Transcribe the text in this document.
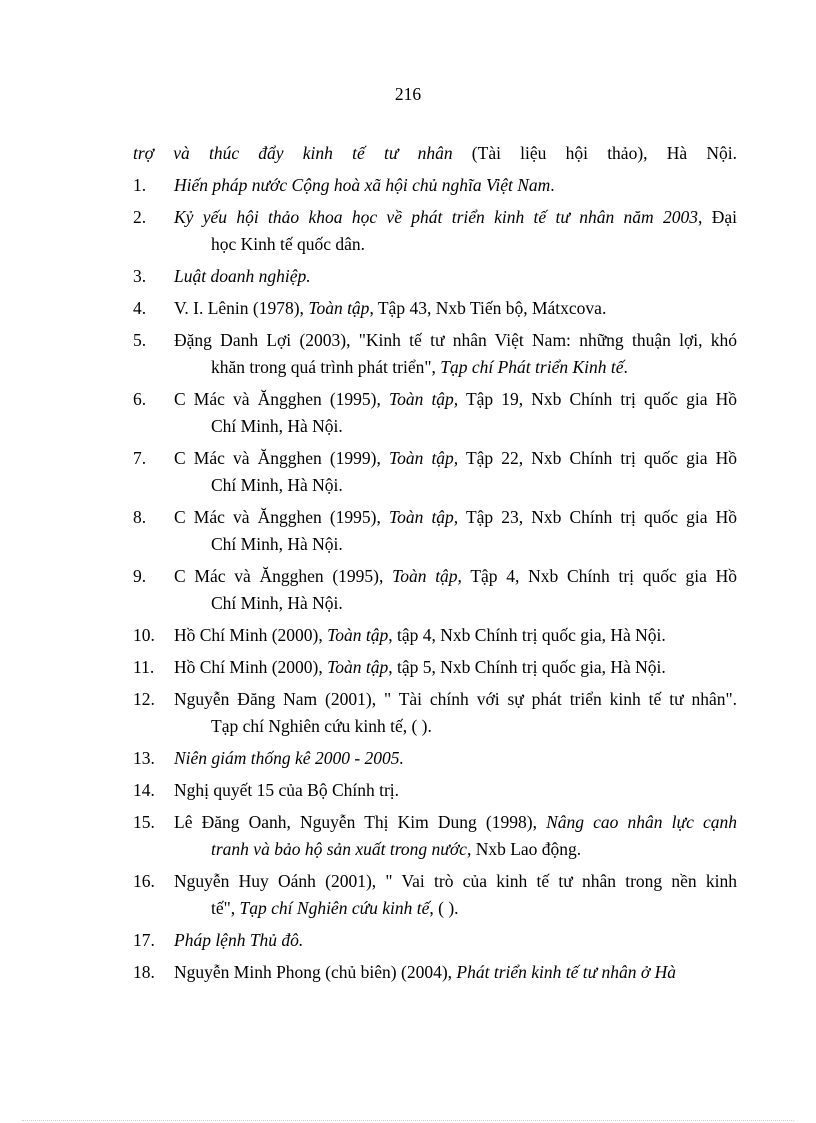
216
trợ và thúc đẩy kinh tế tư nhân (Tài liệu hội thảo), Hà Nội.
1. Hiến pháp nước Cộng hoà xã hội chủ nghĩa Việt Nam.
2. Kỷ yếu hội thảo khoa học về phát triển kinh tế tư nhân năm 2003, Đại
học Kinh tế quốc dân.
3. Luật doanh nghiệp.
4. V. I. Lênin (1978), Toàn tập, Tập 43, Nxb Tiến bộ, Mátxcova.
5. Đặng Danh Lợi (2003), "Kinh tế tư nhân Việt Nam: những thuận lợi, khó
khăn trong quá trình phát triển", Tạp chí Phát triển Kinh tế.
6. C Mác và Ăngghen (1995), Toàn tập, Tập 19, Nxb Chính trị quốc gia Hồ
Chí Minh, Hà Nội.
7. C Mác và Ăngghen (1999), Toàn tập, Tập 22, Nxb Chính trị quốc gia Hồ
Chí Minh, Hà Nội.
8. C Mác và Ăngghen (1995), Toàn tập, Tập 23, Nxb Chính trị quốc gia Hồ
Chí Minh, Hà Nội.
9. C Mác và Ăngghen (1995), Toàn tập, Tập 4, Nxb Chính trị quốc gia Hồ
Chí Minh, Hà Nội.
10. Hồ Chí Minh (2000), Toàn tập, tập 4, Nxb Chính trị quốc gia, Hà Nội.
11. Hồ Chí Minh (2000), Toàn tập, tập 5, Nxb Chính trị quốc gia, Hà Nội.
12. Nguyễn Đăng Nam (2001), " Tài chính với sự phát triển kinh tế tư nhân".
Tạp chí Nghiên cứu kinh tế, ( ).
13. Niên giám thống kê 2000 - 2005.
14. Nghị quyết 15 của Bộ Chính trị.
15. Lê Đăng Oanh, Nguyễn Thị Kim Dung (1998), Nâng cao nhân lực cạnh
tranh và bảo hộ sản xuất trong nước, Nxb Lao động.
16. Nguyễn Huy Oánh (2001), " Vai trò của kinh tế tư nhân trong nền kinh
tế", Tạp chí Nghiên cứu kinh tế, ( ).
17. Pháp lệnh Thủ đô.
18. Nguyễn Minh Phong (chủ biên) (2004), Phát triển kinh tế tư nhân ở Hà
